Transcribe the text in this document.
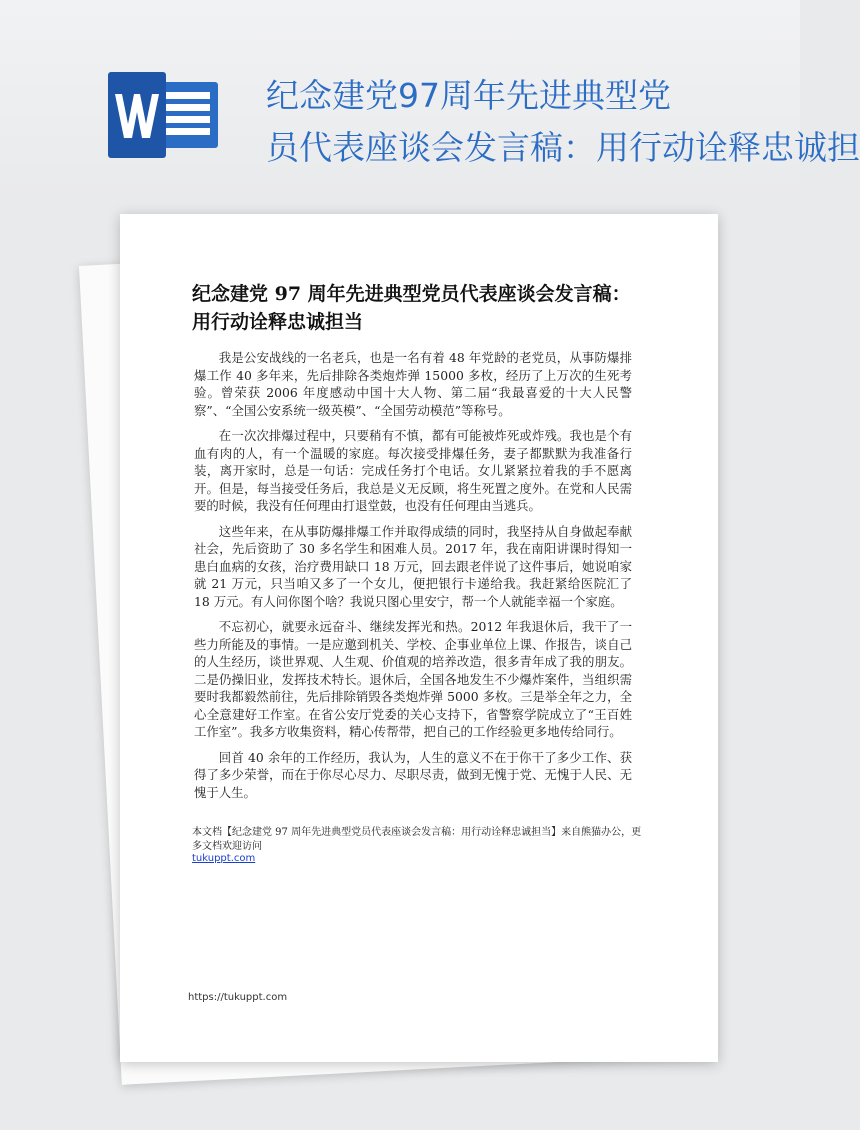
纪念建党97周年先进典型党
员代表座谈会发言稿：用行动诠释忠诚担
纪念建党 97 周年先进典型党员代表座谈会发言稿：用行动诠释忠诚担当

我是公安战线的一名老兵，也是一名有着 48 年党龄的老党员，从事防爆排爆工作 40 多年来，先后排除各类炮炸弹 15000 多枚，经历了上万次的生死考验。曾荣获 2006 年度感动中国十大人物、第二届“我最喜爱的十大人民警察”、“全国公安系统一级英模”、“全国劳动模范”等称号。

在一次次排爆过程中，只要稍有不慎，都有可能被炸死或炸残。我也是个有血有肉的人，有一个温暖的家庭。每次接受排爆任务，妻子都默默为我准备行装，离开家时，总是一句话：完成任务打个电话。女儿紧紧拉着我的手不愿离开。但是，每当接受任务后，我总是义无反顾，将生死置之度外。在党和人民需要的时候，我没有任何理由打退堂鼓，也没有任何理由当逃兵。

这些年来，在从事防爆排爆工作并取得成绩的同时，我坚持从自身做起奉献社会，先后资助了 30 多名学生和困难人员。2017 年，我在南阳讲课时得知一患白血病的女孩，治疗费用缺口 18 万元，回去跟老伴说了这件事后，她说咱家就 21 万元，只当咱又多了一个女儿，便把银行卡递给我。我赶紧给医院汇了 18 万元。有人问你图个啥？我说只图心里安宁，帮一个人就能幸福一个家庭。

不忘初心，就要永远奋斗、继续发挥光和热。2012 年我退休后，我干了一些力所能及的事情。一是应邀到机关、学校、企事业单位上课、作报告，谈自己的人生经历，谈世界观、人生观、价值观的培养改造，很多青年成了我的朋友。二是仍操旧业，发挥技术特长。退休后，全国各地发生不少爆炸案件，当组织需要时我都毅然前往，先后排除销毁各类炮炸弹 5000 多枚。三是举全年之力，全心全意建好工作室。在省公安厅党委的关心支持下，省警察学院成立了“王百姓工作室”。我多方收集资料，精心传帮带，把自己的工作经验更多地传给同行。

回首 40 余年的工作经历，我认为，人生的意义不在于你干了多少工作、获得了多少荣誉，而在于你尽心尽力、尽职尽责，做到无愧于党、无愧于人民、无愧于人生。

本文档【纪念建党 97 周年先进典型党员代表座谈会发言稿：用行动诠释忠诚担当】来自熊猫办公，更多文档欢迎访问
tukuppt.com
https://tukuppt.com
